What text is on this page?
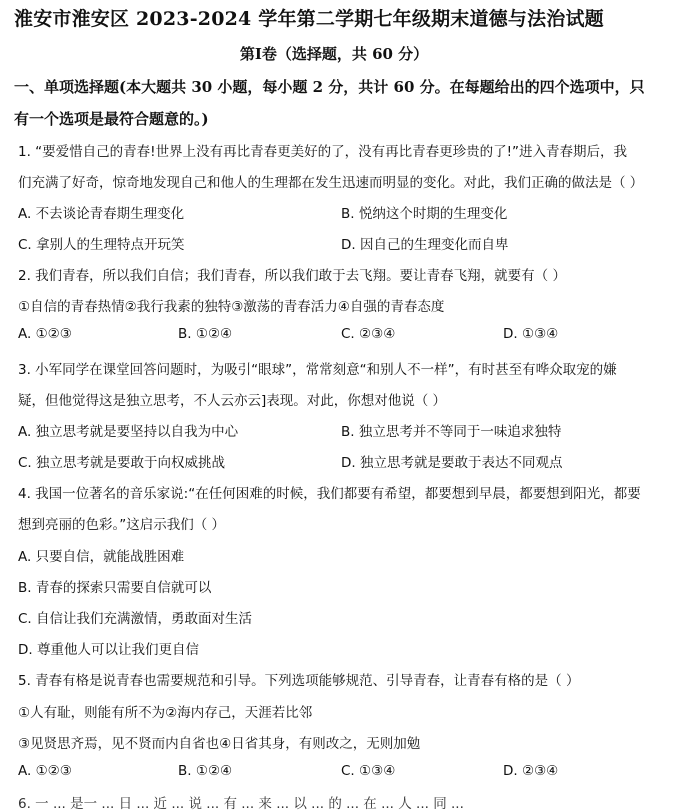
淮安市淮安区 2023-2024 学年第二学期七年级期末道德与法治试题
第Ⅰ卷（选择题，共 60 分）
一、单项选择题(本大题共 30 小题，每小题 2 分，共计 60 分。在每题给出的四个选项中，只
有一个选项是最符合题意的。)
1. “要爱惜自己的青春!世界上没有再比青春更美好的了，没有再比青春更珍贵的了!”进入青春期后，我
们充满了好奇，惊奇地发现自己和他人的生理都在发生迅速而明显的变化。对此，我们正确的做法是（ ）
A. 不去谈论青春期生理变化	B. 悦纳这个时期的生理变化
C. 拿别人的生理特点开玩笑	D. 因自己的生理变化而自卑
2. 我们青春，所以我们自信；我们青春，所以我们敢于去飞翔。要让青春飞翔，就要有（ ）
①自信的青春热情②我行我素的独特③激荡的青春活力④自强的青春态度
A. ①②③	B. ①②④	C. ②③④	D. ①③④
3. 小军同学在课堂回答问题时，为吸引“眼球”，常常刻意“和别人不一样”，有时甚至有哗众取宠的嫌
疑，但他觉得这是独立思考，不人云亦云]表现。对此，你想对他说（ ）
A. 独立思考就是要坚持以自我为中心	B. 独立思考并不等同于一味追求独特
C. 独立思考就是要敢于向权威挑战	D. 独立思考就是要敢于表达不同观点
4. 我国一位著名的音乐家说:“在任何困难的时候，我们都要有希望，都要想到早晨，都要想到阳光，都要
想到亮丽的色彩。”这启示我们（ ）
A. 只要自信，就能战胜困难
B. 青春的探索只需要自信就可以
C. 自信让我们充满激情，勇敢面对生活
D. 尊重他人可以让我们更自信
5. 青春有格是说青春也需要规范和引导。下列选项能够规范、引导青春，让青春有格的是（ ）
①人有耻，则能有所不为②海内存己，天涯若比邻
③见贤思齐焉，见不贤而内自省也④日省其身，有则改之，无则加勉
A. ①②③	B. ①②④	C. ①③④	D. ②③④
6. 一 ... 是一 ... 日 ... 近 ... 说 ... 有 ... 来 ... 以 ... 的 ... 在 ... 人 ... 同 ...
